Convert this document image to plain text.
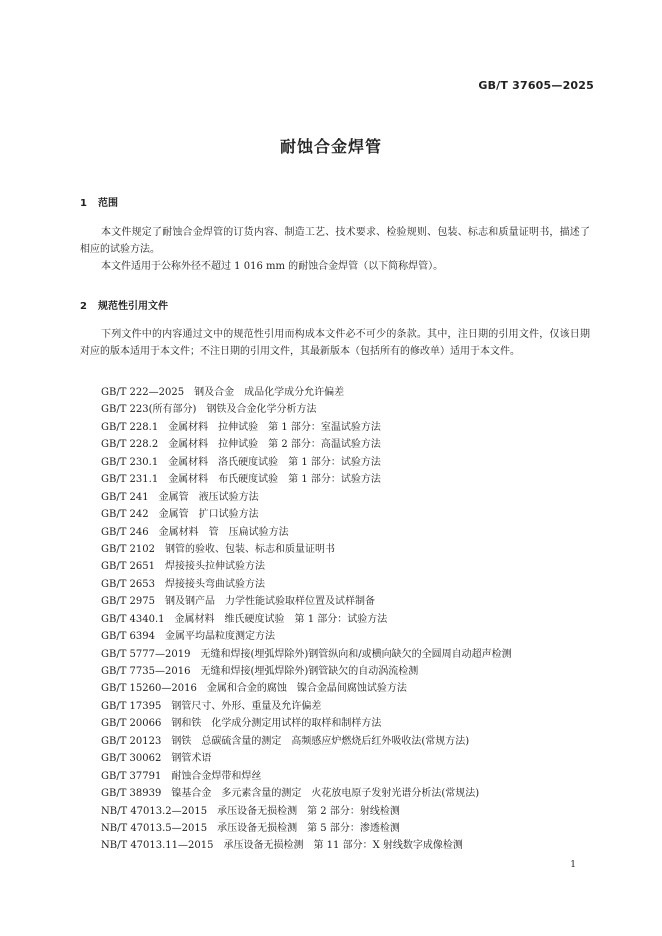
GB/T 37605—2025
耐蚀合金焊管
1 范围
本文件规定了耐蚀合金焊管的订货内容、制造工艺、技术要求、检验规则、包装、标志和质量证明书，描述了相应的试验方法。
本文件适用于公称外径不超过 1 016 mm 的耐蚀合金焊管（以下简称焊管）。
2 规范性引用文件
下列文件中的内容通过文中的规范性引用而构成本文件必不可少的条款。其中，注日期的引用文件，仅该日期对应的版本适用于本文件；不注日期的引用文件，其最新版本（包括所有的修改单）适用于本文件。
GB/T 222—2025　 钢及合金　成品化学成分允许偏差
GB/T 223(所有部分)　 钢铁及合金化学分析方法
GB/T 228.1　 金属材料　拉伸试验　第 1 部分：室温试验方法
GB/T 228.2　 金属材料　拉伸试验　第 2 部分：高温试验方法
GB/T 230.1　 金属材料　洛氏硬度试验　第 1 部分：试验方法
GB/T 231.1　 金属材料　布氏硬度试验　第 1 部分：试验方法
GB/T 241　 金属管　液压试验方法
GB/T 242　 金属管　扩口试验方法
GB/T 246　 金属材料　管　压扁试验方法
GB/T 2102　 钢管的验收、包装、标志和质量证明书
GB/T 2651　 焊接接头拉伸试验方法
GB/T 2653　 焊接接头弯曲试验方法
GB/T 2975　 钢及钢产品　力学性能试验取样位置及试样制备
GB/T 4340.1　 金属材料　维氏硬度试验　第 1 部分：试验方法
GB/T 6394　 金属平均晶粒度测定方法
GB/T 5777—2019　 无缝和焊接(埋弧焊除外)钢管纵向和/或横向缺欠的全圆周自动超声检测
GB/T 7735—2016　 无缝和焊接(埋弧焊除外)钢管缺欠的自动涡流检测
GB/T 15260—2016　 金属和合金的腐蚀　镍合金晶间腐蚀试验方法
GB/T 17395　 钢管尺寸、外形、重量及允许偏差
GB/T 20066　 钢和铁　化学成分测定用试样的取样和制样方法
GB/T 20123　 钢铁　总碳硫含量的测定　高频感应炉燃烧后红外吸收法(常规方法)
GB/T 30062　 钢管术语
GB/T 37791　 耐蚀合金焊带和焊丝
GB/T 38939　 镍基合金　多元素含量的测定　火花放电原子发射光谱分析法(常规法)
NB/T 47013.2—2015　 承压设备无损检测　第 2 部分：射线检测
NB/T 47013.5—2015　 承压设备无损检测　第 5 部分：渗透检测
NB/T 47013.11—2015　 承压设备无损检测　第 11 部分：X 射线数字成像检测
1
